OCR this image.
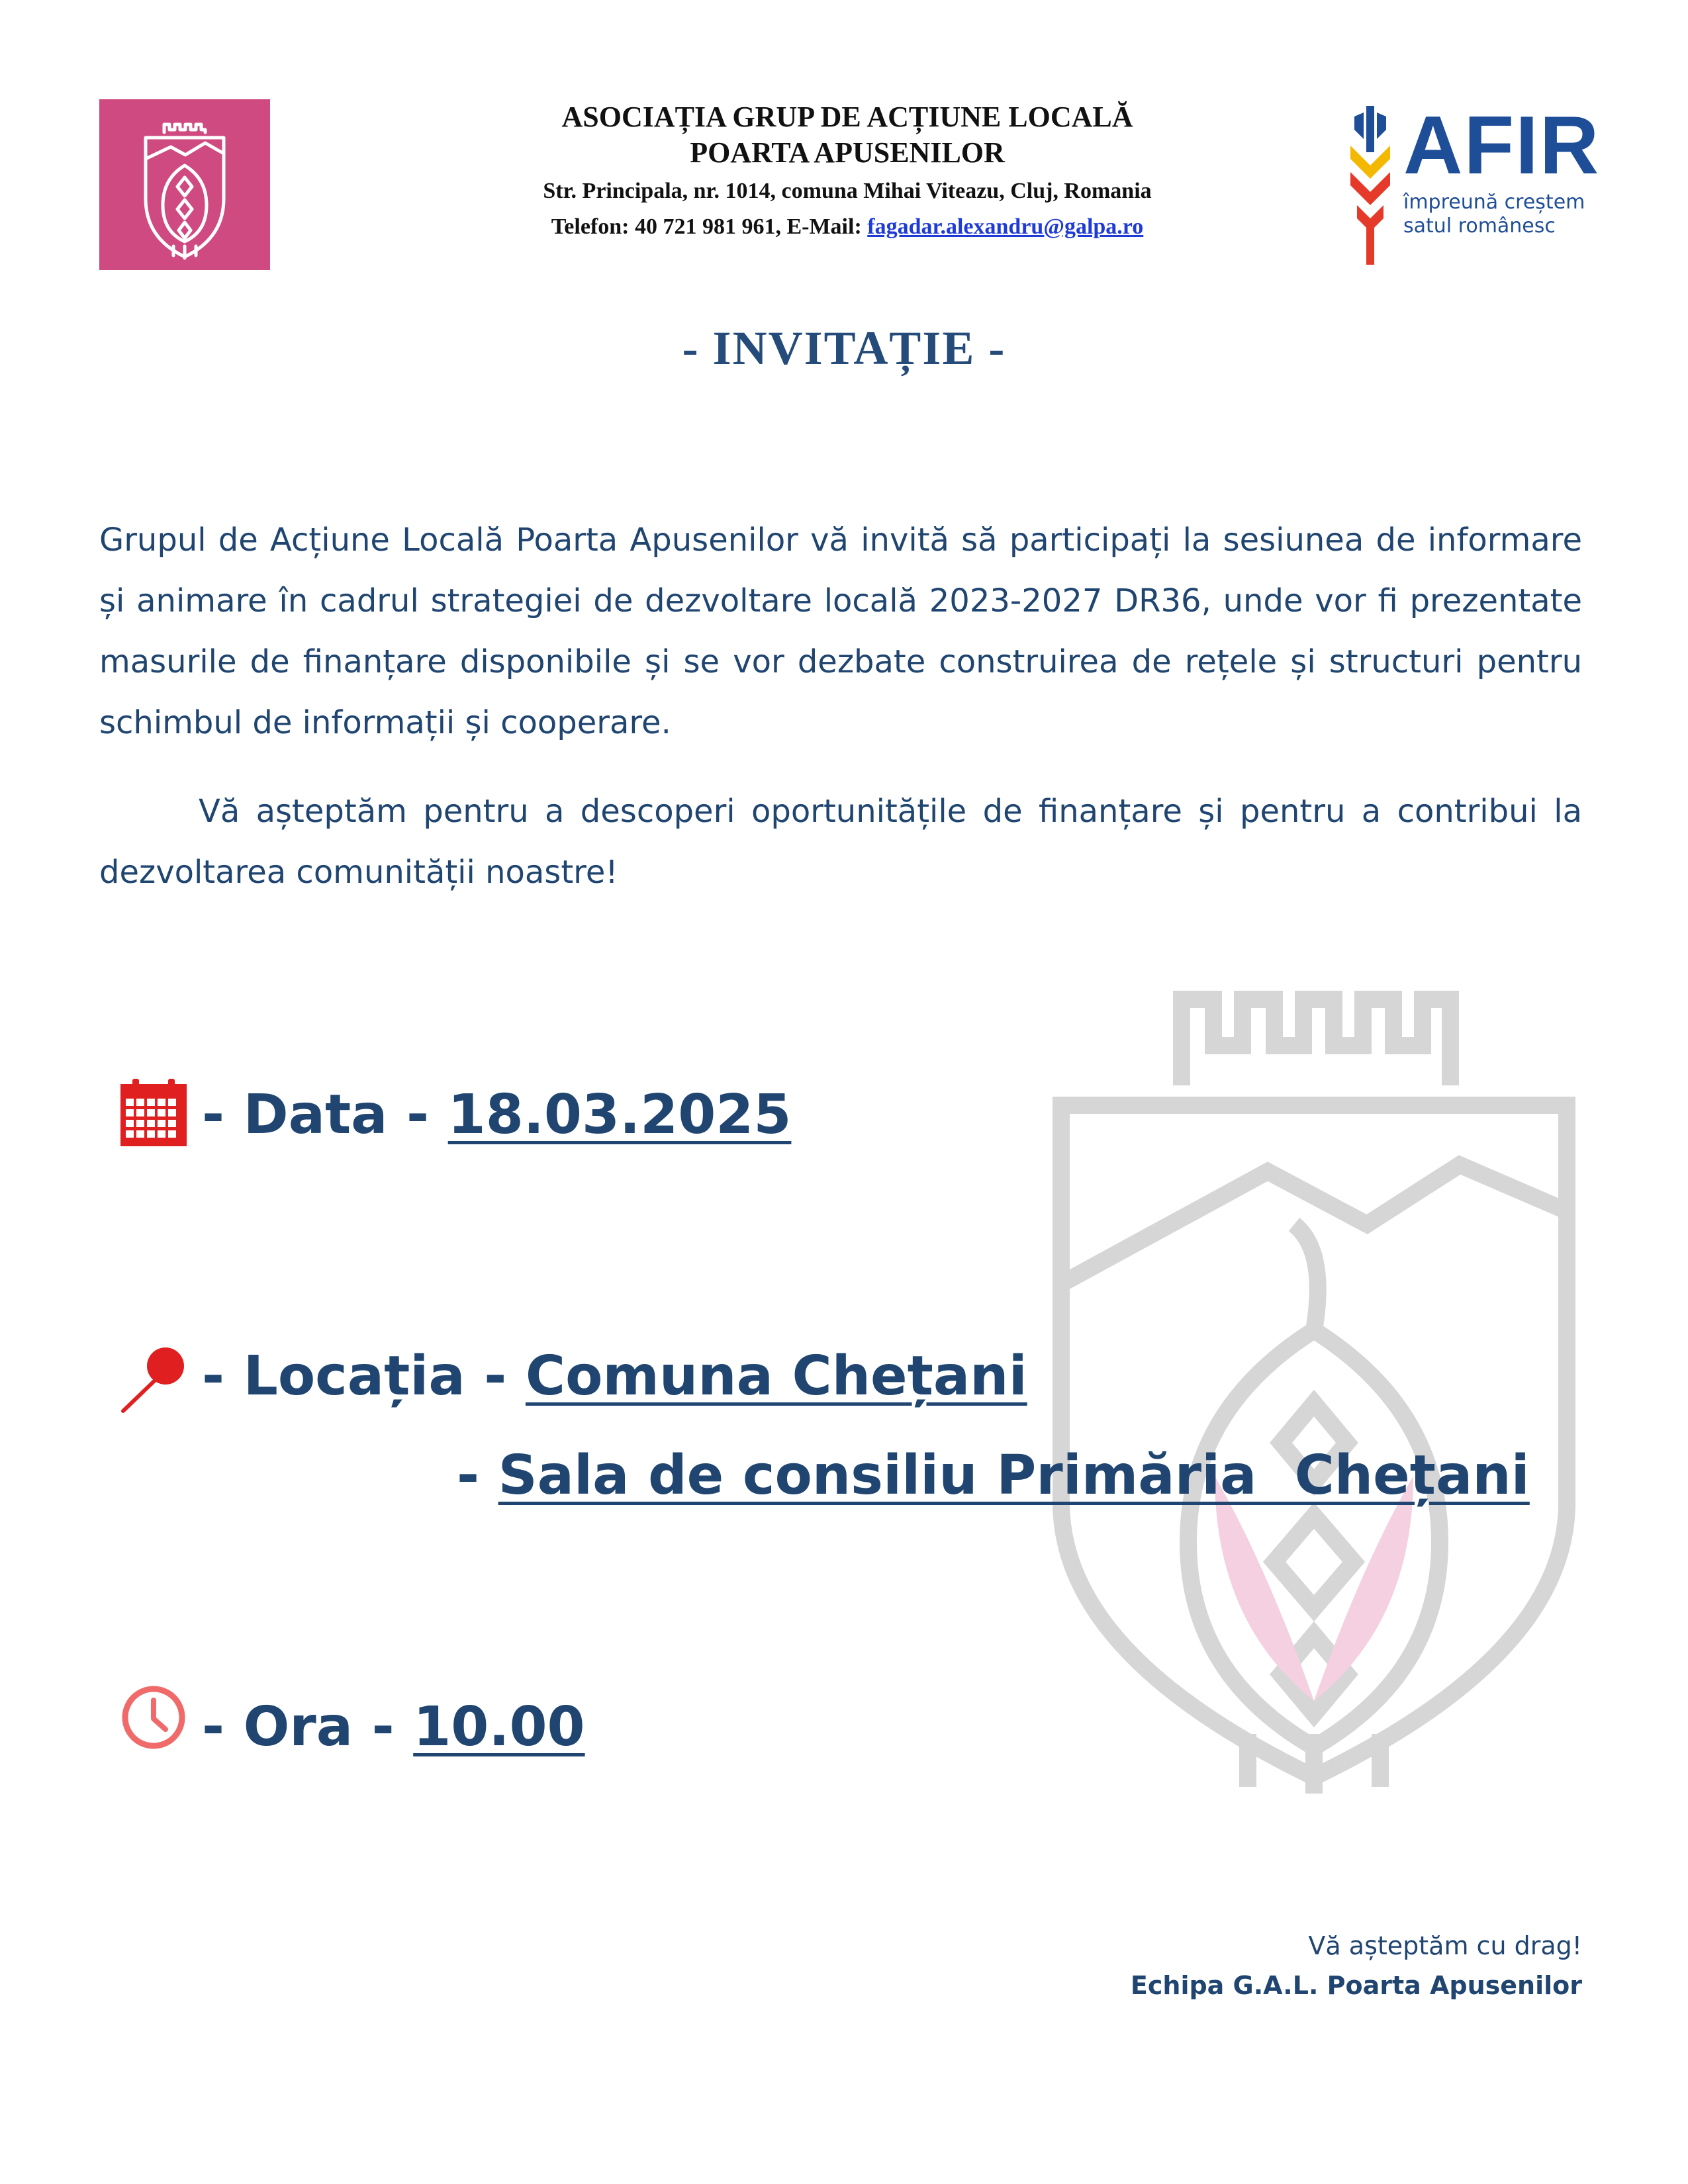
ASOCIAȚIA GRUP DE ACȚIUNE LOCALĂ
POARTA APUSENILOR
Str. Principala, nr. 1014, comuna Mihai Viteazu, Cluj, Romania
Telefon: 40 721 981 961, E-Mail: fagadar.alexandru@galpa.ro
AFIR
împreună creștem
satul românesc
- INVITAȚIE -
Grupul de Acțiune Locală Poarta Apusenilor vă invită să participați la sesiunea de informare și animare în cadrul strategiei de dezvoltare locală 2023-2027 DR36, unde vor fi prezentate masurile de finanțare disponibile și se vor dezbate construirea de rețele și structuri pentru schimbul de informații și cooperare.
Vă așteptăm pentru a descoperi oportunitățile de finanțare și pentru a contribui la dezvoltarea comunității noastre!
- Data - 18.03.2025
- Locația - Comuna Chețani
- Sala de consiliu Primăria  Chețani
- Ora - 10.00
Vă așteptăm cu drag!
Echipa G.A.L. Poarta Apusenilor
